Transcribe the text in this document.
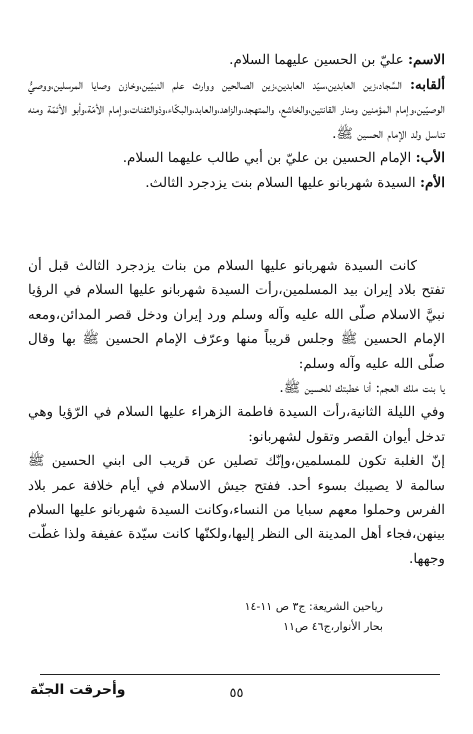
الاسم: عليّ بن الحسين عليهما السلام.

ألقابه: السَّجاد،زين العابدين،سيّد العابدين،زين الصالحين ووارث علم النبيّين،وخازن وصايا المرسلين،ووصيُّ الوصيّين،وإمام المؤمنين ومنار القانتين،والخاشع، والمتهجد،والزاهد،والعابد،والبكّاء،وذوالثفنات،وإمام الأمّة،وأبو الأئمّة ومنه تناسل ولد الإمام الحسين ﷺ.

الأب: الإمام الحسين بن عليّ بن أبي طالب عليهما السلام.

الأم: السيدة شهربانو عليها السلام بنت يزدجرد الثالث.

كانت السيدة شهربانو عليها السلام من بنات يزدجرد الثالث قبل أن تفتح بلاد إيران بيد المسلمين،رأت السيدة شهربانو عليها السلام في الرؤيا نبيَّ الاسلام صلّى الله عليه وآله وسلم ورد إيران ودخل قصر المدائن،ومعه الإمام الحسين ﷺ وجلس قريباً منها وعرّف الإمام الحسين ﷺ بها وقال صلّى الله عليه وآله وسلم:

يا بنت ملك العجم: أنا خطبتك للحسين ﷺ.

وفي الليلة الثانية،رأت السيدة فاطمة الزهراء عليها السلام في الرّؤيا وهي تدخل أيوان القصر وتقول لشهربانو:

إنّ الغلبة تكون للمسلمين،وإنّك تصلين عن قريب الى ابني الحسين ﷺ سالمة لا يصيبك بسوء أحد. ففتح جيش الاسلام في أيام خلافة عمر بلاد الفرس وحملوا معهم سبايا من النساء،وكانت السيدة شهربانو عليها السلام بينهن،فجاء أهل المدينة الى النظر إليها،ولكنّها كانت سيّدة عفيفة ولذا غطّت وجهها.

رياحين الشريعة: ج٣ ص ١١-١٤
بحار الأنوار،ج٤٦ ص١١
٥٥
وأحرقت الجنّة
